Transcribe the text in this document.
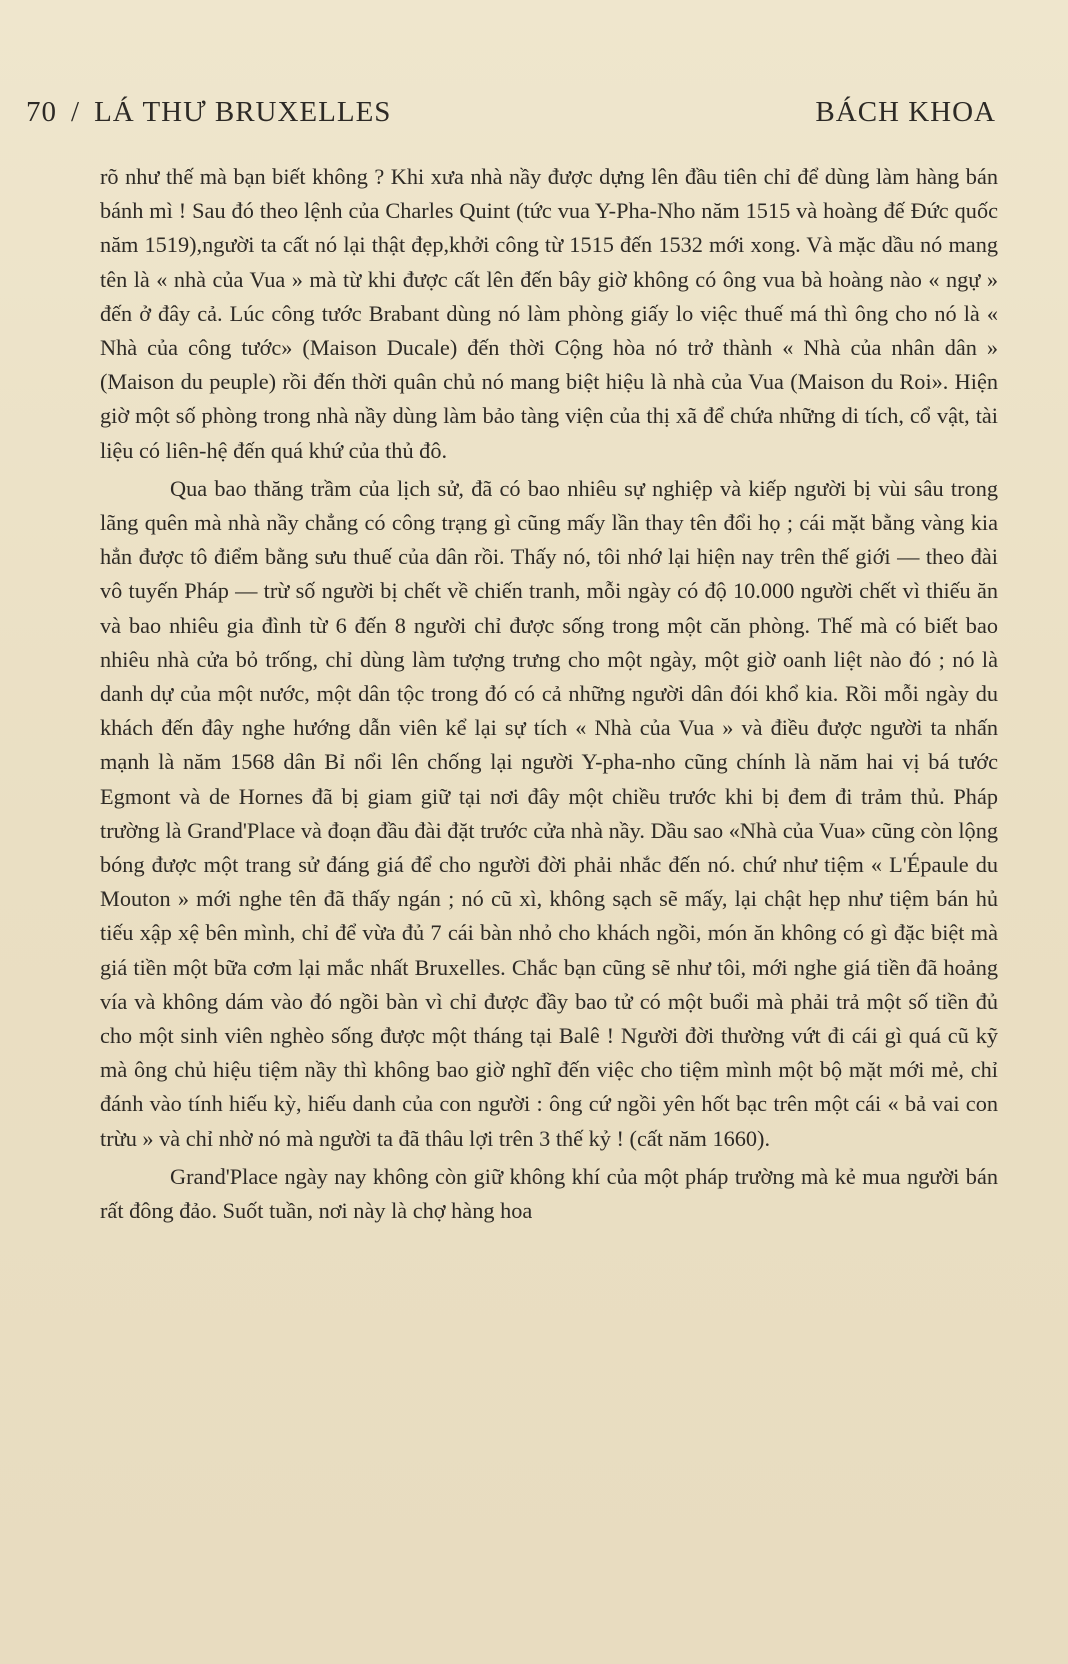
70 / LÁ THƯ BRUXELLES	BÁCH KHOA

rõ như thế mà bạn biết không ? Khi xưa nhà nầy được dựng lên đầu tiên chỉ để dùng làm hàng bán bánh mì ! Sau đó theo lệnh của Charles Quint (tức vua Y-Pha-Nho năm 1515 và hoàng đế Đức quốc năm 1519),người ta cất nó lại thật đẹp,khởi công từ 1515 đến 1532 mới xong. Và mặc dầu nó mang tên là « nhà của Vua » mà từ khi được cất lên đến bây giờ không có ông vua bà hoàng nào « ngự » đến ở đây cả. Lúc công tước Brabant dùng nó làm phòng giấy lo việc thuế má thì ông cho nó là « Nhà của công tước» (Maison Ducale) đến thời Cộng hòa nó trở thành « Nhà của nhân dân » (Maison du peuple) rồi đến thời quân chủ nó mang biệt hiệu là nhà của Vua (Maison du Roi». Hiện giờ một số phòng trong nhà nầy dùng làm bảo tàng viện của thị xã để chứa những di tích, cổ vật, tài liệu có liên-hệ đến quá khứ của thủ đô.

Qua bao thăng trầm của lịch sử, đã có bao nhiêu sự nghiệp và kiếp người bị vùi sâu trong lãng quên mà nhà nầy chẳng có công trạng gì cũng mấy lần thay tên đổi họ ; cái mặt bằng vàng kia hẳn được tô điểm bằng sưu thuế của dân rồi. Thấy nó, tôi nhớ lại hiện nay trên thế giới — theo đài vô tuyến Pháp — trừ số người bị chết về chiến tranh, mỗi ngày có độ 10.000 người chết vì thiếu ăn và bao nhiêu gia đình từ 6 đến 8 người chỉ được sống trong một căn phòng. Thế mà có biết bao nhiêu nhà cửa bỏ trống, chỉ dùng làm tượng trưng cho một ngày, một giờ oanh liệt nào đó ; nó là danh dự của một nước, một dân tộc trong đó có cả những người dân đói khổ kia. Rồi mỗi ngày du khách đến đây nghe hướng dẫn viên kể lại sự tích « Nhà của Vua » và điều được người ta nhấn mạnh là năm 1568 dân Bỉ nổi lên chống lại người Y-pha-nho cũng chính là năm hai vị bá tước Egmont và de Hornes đã bị giam giữ tại nơi đây một chiều trước khi bị đem đi trảm thủ. Pháp trường là Grand'Place và đoạn đầu đài đặt trước cửa nhà nầy. Dầu sao «Nhà của Vua» cũng còn lộng bóng được một trang sử đáng giá để cho người đời phải nhắc đến nó. chứ như tiệm « L'Épaule du Mouton » mới nghe tên đã thấy ngán ; nó cũ xì, không sạch sẽ mấy, lại chật hẹp như tiệm bán hủ tiếu xập xệ bên mình, chỉ để vừa đủ 7 cái bàn nhỏ cho khách ngồi, món ăn không có gì đặc biệt mà giá tiền một bữa cơm lại mắc nhất Bruxelles. Chắc bạn cũng sẽ như tôi, mới nghe giá tiền đã hoảng vía và không dám vào đó ngồi bàn vì chỉ được đầy bao tử có một buổi mà phải trả một số tiền đủ cho một sinh viên nghèo sống được một tháng tại Balê ! Người đời thường vứt đi cái gì quá cũ kỹ mà ông chủ hiệu tiệm nầy thì không bao giờ nghĩ đến việc cho tiệm mình một bộ mặt mới mẻ, chỉ đánh vào tính hiếu kỳ, hiếu danh của con người : ông cứ ngồi yên hốt bạc trên một cái « bả vai con trừu » và chỉ nhờ nó mà người ta đã thâu lợi trên 3 thế kỷ ! (cất năm 1660).

Grand'Place ngày nay không còn giữ không khí của một pháp trường mà kẻ mua người bán rất đông đảo. Suốt tuần, nơi này là chợ hàng hoa
